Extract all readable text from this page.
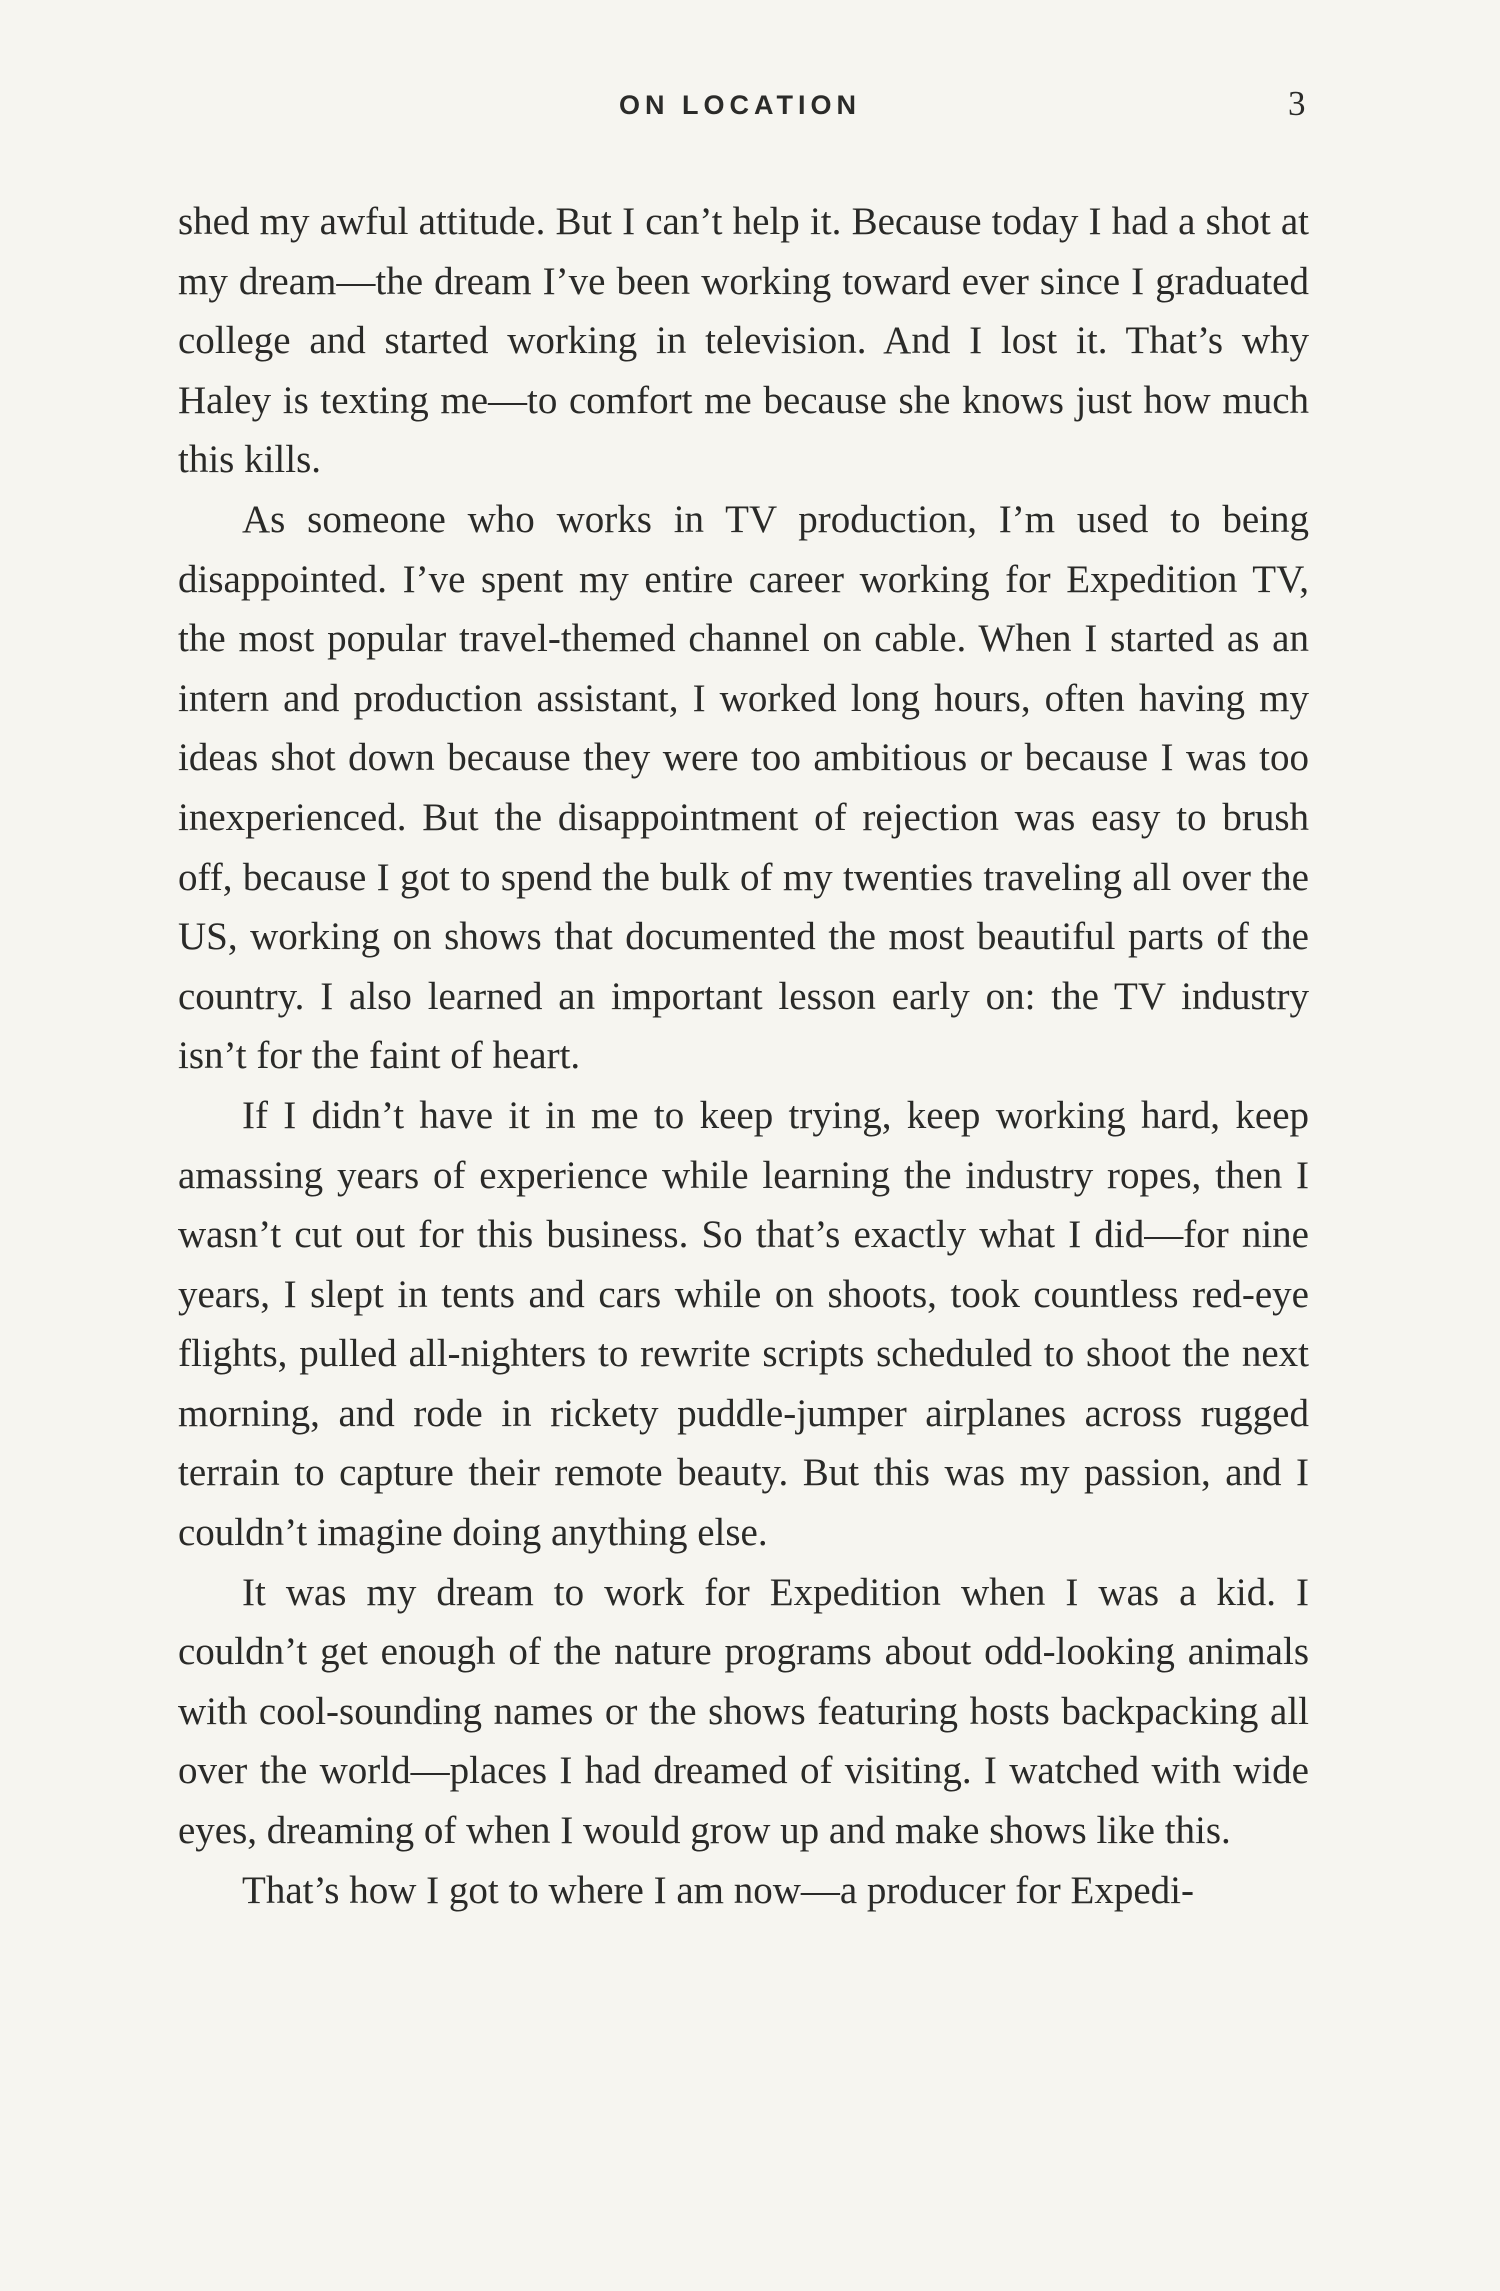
ON LOCATION	3

shed my awful attitude. But I can’t help it. Because today I had a shot at my dream—the dream I’ve been working toward ever since I graduated college and started working in television. And I lost it. That’s why Haley is texting me—to comfort me because she knows just how much this kills.

As someone who works in TV production, I’m used to being disappointed. I’ve spent my entire career working for Expedition TV, the most popular travel-themed channel on cable. When I started as an intern and production assistant, I worked long hours, often having my ideas shot down because they were too ambitious or because I was too inexperienced. But the disappointment of rejection was easy to brush off, because I got to spend the bulk of my twenties traveling all over the US, working on shows that documented the most beautiful parts of the country. I also learned an important lesson early on: the TV industry isn’t for the faint of heart.

If I didn’t have it in me to keep trying, keep working hard, keep amassing years of experience while learning the industry ropes, then I wasn’t cut out for this business. So that’s exactly what I did—for nine years, I slept in tents and cars while on shoots, took countless red-eye flights, pulled all-nighters to rewrite scripts scheduled to shoot the next morning, and rode in rickety puddle-jumper airplanes across rugged terrain to capture their remote beauty. But this was my passion, and I couldn’t imagine doing anything else.

It was my dream to work for Expedition when I was a kid. I couldn’t get enough of the nature programs about odd-looking animals with cool-sounding names or the shows featuring hosts backpacking all over the world—places I had dreamed of visiting. I watched with wide eyes, dreaming of when I would grow up and make shows like this.

That’s how I got to where I am now—a producer for Expedi-
